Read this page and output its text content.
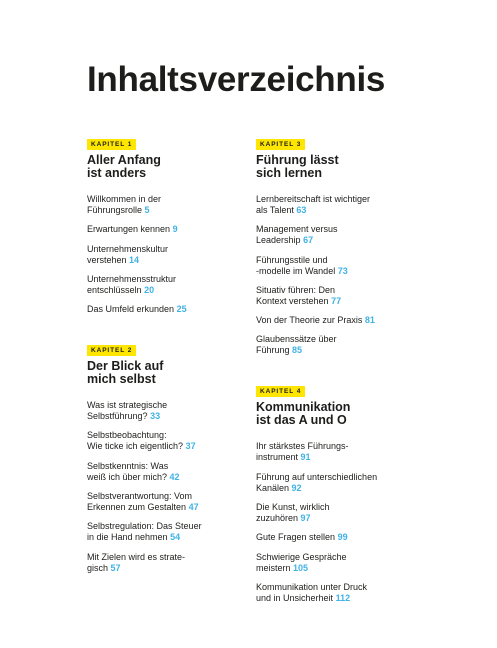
Inhaltsverzeichnis
KAPITEL 1
Aller Anfang
ist anders
Willkommen in der
Führungsrolle 5
Erwartungen kennen 9
Unternehmenskultur
verstehen 14
Unternehmensstruktur
entschlüsseln 20
Das Umfeld erkunden 25
KAPITEL 2
Der Blick auf
mich selbst
Was ist strategische
Selbstführung? 33
Selbstbeobachtung:
Wie ticke ich eigentlich? 37
Selbstkenntnis: Was
weiß ich über mich? 42
Selbstverantwortung: Vom
Erkennen zum Gestalten 47
Selbstregulation: Das Steuer
in die Hand nehmen 54
Mit Zielen wird es strate-
gisch 57
KAPITEL 3
Führung lässt
sich lernen
Lernbereitschaft ist wichtiger
als Talent 63
Management versus
Leadership 67
Führungsstile und
-modelle im Wandel 73
Situativ führen: Den
Kontext verstehen 77
Von der Theorie zur Praxis 81
Glaubenssätze über
Führung 85
KAPITEL 4
Kommunikation
ist das A und O
Ihr stärkstes Führungs-
instrument 91
Führung auf unterschiedlichen
Kanälen 92
Die Kunst, wirklich
zuzuhören 97
Gute Fragen stellen 99
Schwierige Gespräche
meistern 105
Kommunikation unter Druck
und in Unsicherheit 112
